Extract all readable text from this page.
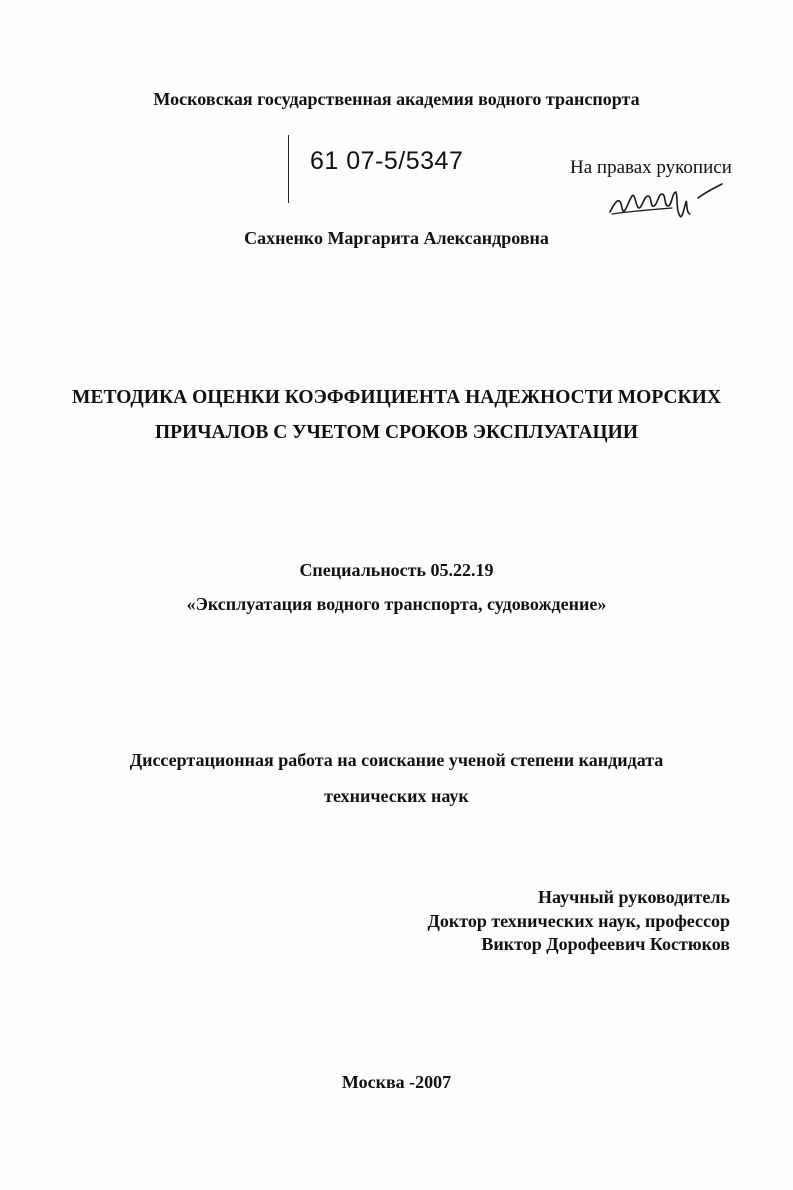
Московская государственная академия водного транспорта
61 07-5/5347	На правах рукописи
Сахненко Маргарита Александровна
МЕТОДИКА ОЦЕНКИ КОЭФФИЦИЕНТА НАДЕЖНОСТИ МОРСКИХ
ПРИЧАЛОВ С УЧЕТОМ СРОКОВ ЭКСПЛУАТАЦИИ
Специальность 05.22.19
«Эксплуатация водного транспорта, судовождение»
Диссертационная работа на соискание ученой степени кандидата
технических наук
Научный руководитель
Доктор технических наук, профессор
Виктор Дорофеевич Костюков
Москва -2007
